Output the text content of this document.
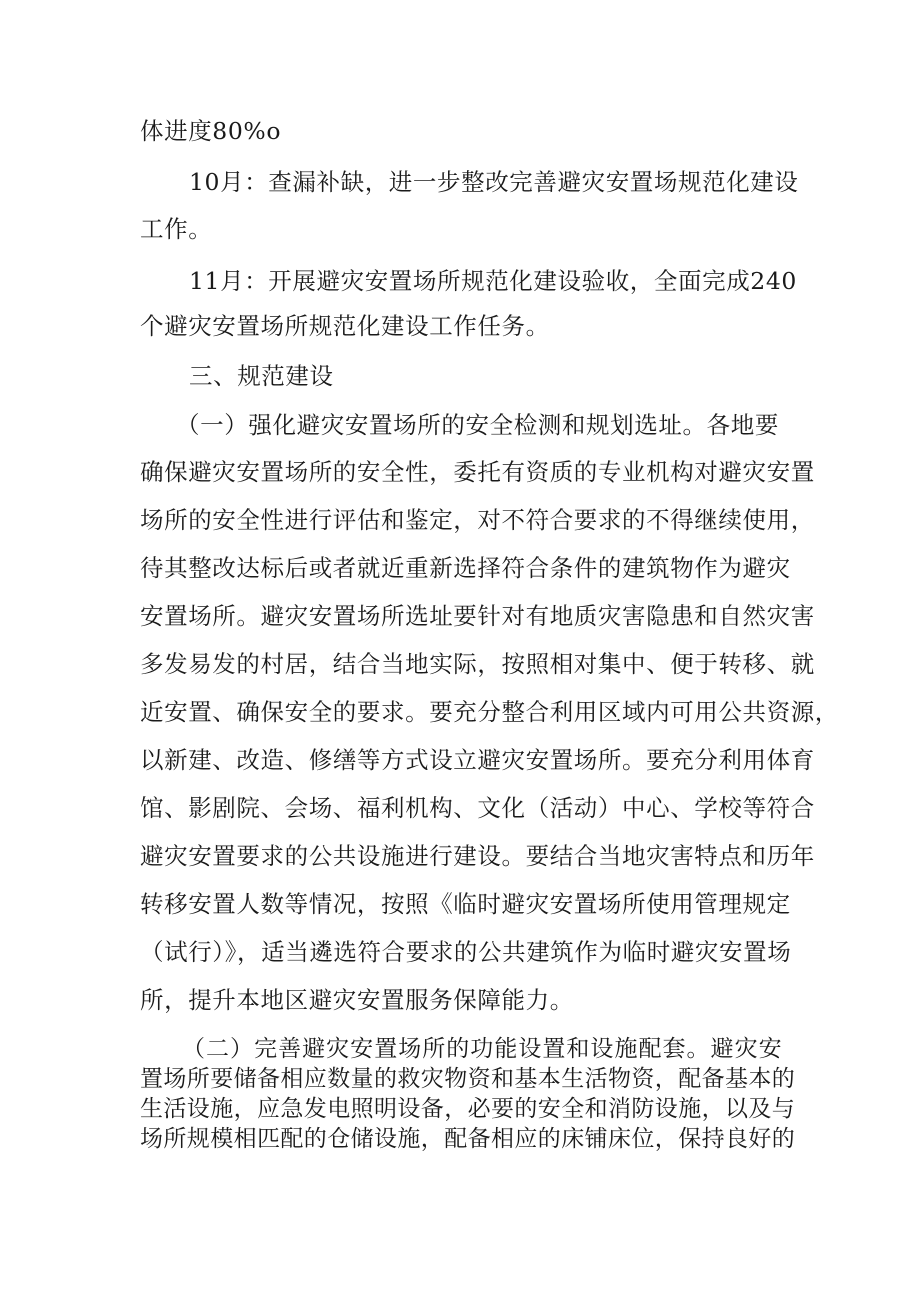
体进度80%o
10月：查漏补缺，进一步整改完善避灾安置场规范化建设
工作。
11月：开展避灾安置场所规范化建设验收，全面完成240
个避灾安置场所规范化建设工作任务。
三、规范建设
（一）强化避灾安置场所的安全检测和规划选址。各地要
确保避灾安置场所的安全性，委托有资质的专业机构对避灾安置
场所的安全性进行评估和鉴定，对不符合要求的不得继续使用，
待其整改达标后或者就近重新选择符合条件的建筑物作为避灾
安置场所。避灾安置场所选址要针对有地质灾害隐患和自然灾害
多发易发的村居，结合当地实际，按照相对集中、便于转移、就
近安置、确保安全的要求。要充分整合利用区域内可用公共资源，
以新建、改造、修缮等方式设立避灾安置场所。要充分利用体育
馆、影剧院、会场、福利机构、文化（活动）中心、学校等符合
避灾安置要求的公共设施进行建设。要结合当地灾害特点和历年
转移安置人数等情况，按照《临时避灾安置场所使用管理规定
（试行）》，适当遴选符合要求的公共建筑作为临时避灾安置场
所，提升本地区避灾安置服务保障能力。
（二）完善避灾安置场所的功能设置和设施配套。避灾安
置场所要储备相应数量的救灾物资和基本生活物资，配备基本的
生活设施，应急发电照明设备，必要的安全和消防设施，以及与
场所规模相匹配的仓储设施，配备相应的床铺床位，保持良好的
